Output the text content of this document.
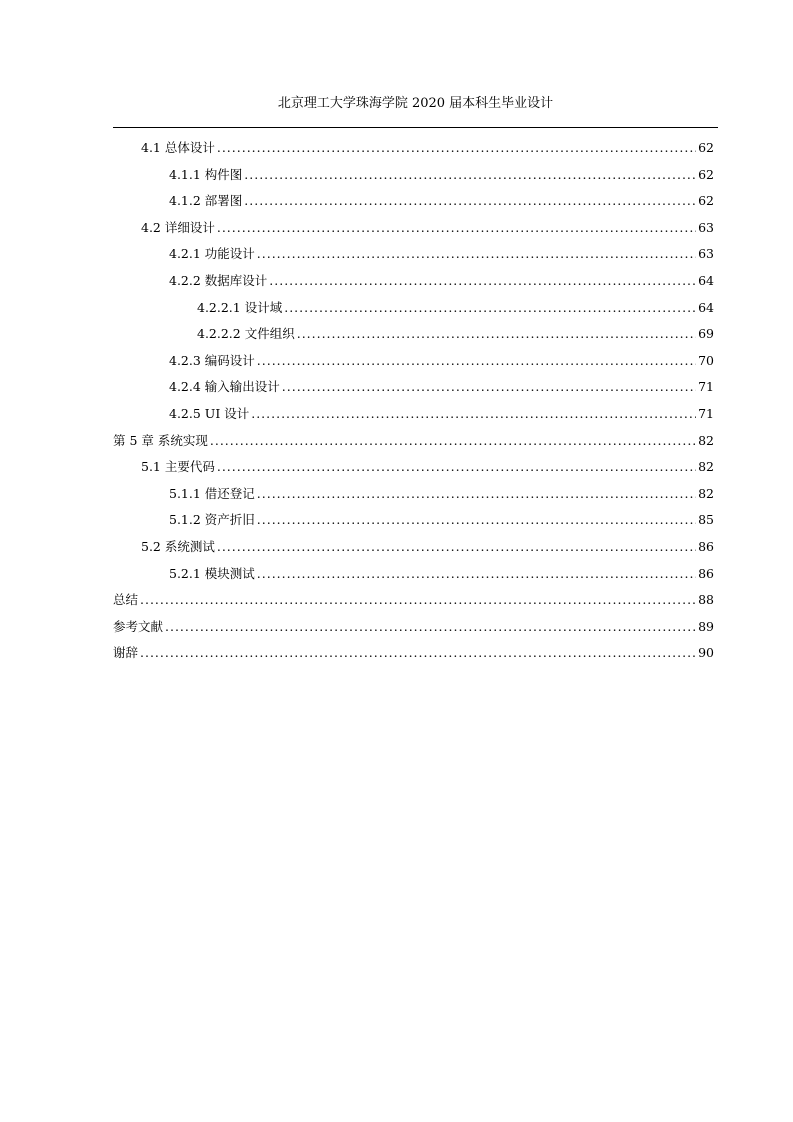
北京理工大学珠海学院 2020 届本科生毕业设计
4.1 总体设计 .....	62
4.1.1 构件图 .....	62
4.1.2 部署图 .....	62
4.2 详细设计 .....	63
4.2.1 功能设计 .....	63
4.2.2 数据库设计 .....	64
4.2.2.1 设计域 .....	64
4.2.2.2 文件组织 .....	69
4.2.3 编码设计 .....	70
4.2.4 输入输出设计 .....	71
4.2.5 UI 设计 .....	71
第 5 章 系统实现 .....	82
5.1 主要代码 .....	82
5.1.1 借还登记 .....	82
5.1.2 资产折旧 .....	85
5.2 系统测试 .....	86
5.2.1 模块测试 .....	86
总结 .....	88
参考文献 .....	89
谢辞 .....	90
